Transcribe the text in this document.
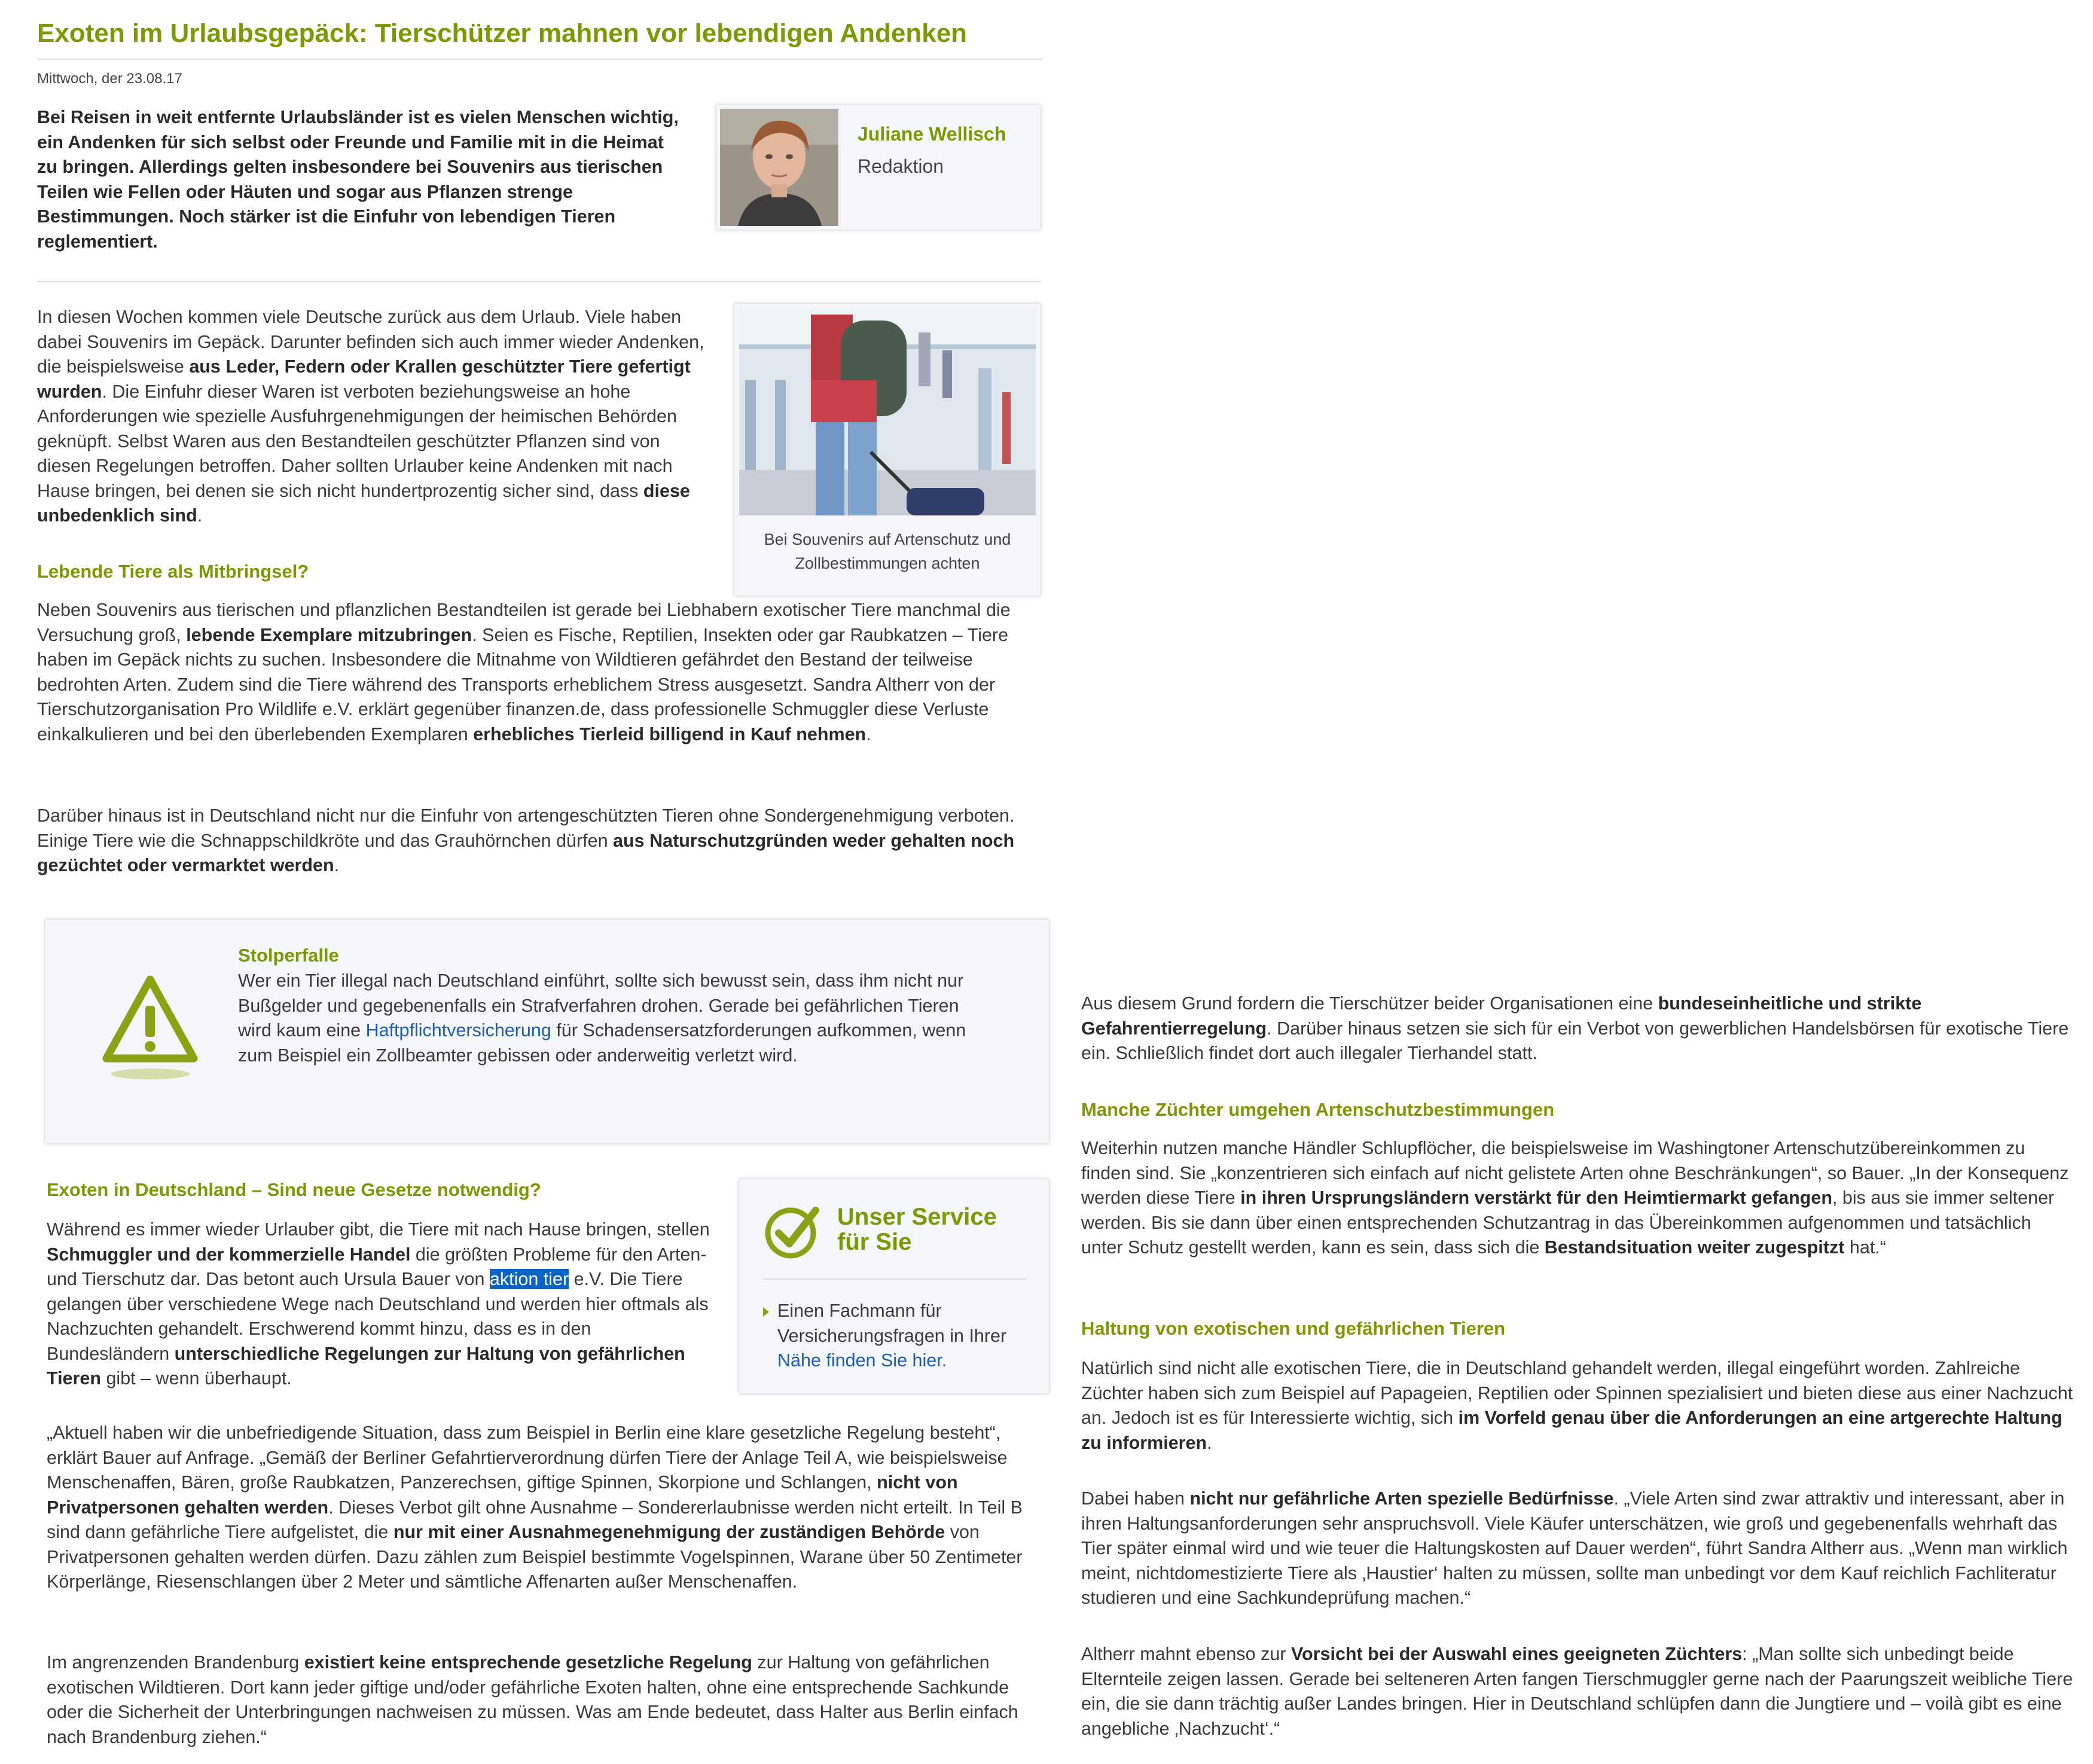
Exoten im Urlaubsgepäck: Tierschützer mahnen vor lebendigen Andenken
Mittwoch, der 23.08.17

Bei Reisen in weit entfernte Urlaubsländer ist es vielen Menschen wichtig, ein Andenken für sich selbst oder Freunde und Familie mit in die Heimat zu bringen. Allerdings gelten insbesondere bei Souvenirs aus tierischen Teilen wie Fellen oder Häuten und sogar aus Pflanzen strenge Bestimmungen. Noch stärker ist die Einfuhr von lebendigen Tieren reglementiert.

Juliane Wellisch
Redaktion

In diesen Wochen kommen viele Deutsche zurück aus dem Urlaub. Viele haben dabei Souvenirs im Gepäck. Darunter befinden sich auch immer wieder Andenken, die beispielsweise aus Leder, Federn oder Krallen geschützter Tiere gefertigt wurden. Die Einfuhr dieser Waren ist verboten beziehungsweise an hohe Anforderungen wie spezielle Ausfuhrgenehmigungen der heimischen Behörden geknüpft. Selbst Waren aus den Bestandteilen geschützter Pflanzen sind von diesen Regelungen betroffen. Daher sollten Urlauber keine Andenken mit nach Hause bringen, bei denen sie sich nicht hundertprozentig sicher sind, dass diese unbedenklich sind.

Bei Souvenirs auf Artenschutz und Zollbestimmungen achten
Lebende Tiere als Mitbringsel?

Neben Souvenirs aus tierischen und pflanzlichen Bestandteilen ist gerade bei Liebhabern exotischer Tiere manchmal die Versuchung groß, lebende Exemplare mitzubringen. Seien es Fische, Reptilien, Insekten oder gar Raubkatzen – Tiere haben im Gepäck nichts zu suchen. Insbesondere die Mitnahme von Wildtieren gefährdet den Bestand der teilweise bedrohten Arten. Zudem sind die Tiere während des Transports erheblichem Stress ausgesetzt. Sandra Altherr von der Tierschutzorganisation Pro Wildlife e.V. erklärt gegenüber finanzen.de, dass professionelle Schmuggler diese Verluste einkalkulieren und bei den überlebenden Exemplaren erhebliches Tierleid billigend in Kauf nehmen.

Darüber hinaus ist in Deutschland nicht nur die Einfuhr von artengeschützten Tieren ohne Sondergenehmigung verboten. Einige Tiere wie die Schnappschildkröte und das Grauhörnchen dürfen aus Naturschutzgründen weder gehalten noch gezüchtet oder vermarktet werden.

Stolperfalle

Wer ein Tier illegal nach Deutschland einführt, sollte sich bewusst sein, dass ihm nicht nur Bußgelder und gegebenenfalls ein Strafverfahren drohen. Gerade bei gefährlichen Tieren wird kaum eine Haftpflichtversicherung für Schadensersatzforderungen aufkommen, wenn zum Beispiel ein Zollbeamter gebissen oder anderweitig verletzt wird.

Exoten in Deutschland – Sind neue Gesetze notwendig?

Während es immer wieder Urlauber gibt, die Tiere mit nach Hause bringen, stellen Schmuggler und der kommerzielle Handel die größten Probleme für den Arten- und Tierschutz dar. Das betont auch Ursula Bauer von aktion tier e.V. Die Tiere gelangen über verschiedene Wege nach Deutschland und werden hier oftmals als Nachzuchten gehandelt. Erschwerend kommt hinzu, dass es in den Bundesländern unterschiedliche Regelungen zur Haltung von gefährlichen Tieren gibt – wenn überhaupt.

Unser Service
für Sie

Einen Fachmann für Versicherungsfragen in Ihrer Nähe finden Sie hier.

„Aktuell haben wir die unbefriedigende Situation, dass zum Beispiel in Berlin eine klare gesetzliche Regelung besteht“, erklärt Bauer auf Anfrage. „Gemäß der Berliner Gefahrtierverordnung dürfen Tiere der Anlage Teil A, wie beispielsweise Menschenaffen, Bären, große Raubkatzen, Panzerechsen, giftige Spinnen, Skorpione und Schlangen, nicht von Privatpersonen gehalten werden. Dieses Verbot gilt ohne Ausnahme – Sondererlaubnisse werden nicht erteilt. In Teil B sind dann gefährliche Tiere aufgelistet, die nur mit einer Ausnahmegenehmigung der zuständigen Behörde von Privatpersonen gehalten werden dürfen. Dazu zählen zum Beispiel bestimmte Vogelspinnen, Warane über 50 Zentimeter Körperlänge, Riesenschlangen über 2 Meter und sämtliche Affenarten außer Menschenaffen.

Im angrenzenden Brandenburg existiert keine entsprechende gesetzliche Regelung zur Haltung von gefährlichen exotischen Wildtieren. Dort kann jeder giftige und/oder gefährliche Exoten halten, ohne eine entsprechende Sachkunde oder die Sicherheit der Unterbringungen nachweisen zu müssen. Was am Ende bedeutet, dass Halter aus Berlin einfach nach Brandenburg ziehen.“

Aus diesem Grund fordern die Tierschützer beider Organisationen eine bundeseinheitliche und strikte Gefahrentierregelung. Darüber hinaus setzen sie sich für ein Verbot von gewerblichen Handelsbörsen für exotische Tiere ein. Schließlich findet dort auch illegaler Tierhandel statt.

Manche Züchter umgehen Artenschutzbestimmungen

Weiterhin nutzen manche Händler Schlupflöcher, die beispielsweise im Washingtoner Artenschutzübereinkommen zu finden sind. Sie „konzentrieren sich einfach auf nicht gelistete Arten ohne Beschränkungen“, so Bauer. „In der Konsequenz werden diese Tiere in ihren Ursprungsländern verstärkt für den Heimtiermarkt gefangen, bis aus sie immer seltener werden. Bis sie dann über einen entsprechenden Schutzantrag in das Übereinkommen aufgenommen und tatsächlich unter Schutz gestellt werden, kann es sein, dass sich die Bestandsituation weiter zugespitzt hat.“

Haltung von exotischen und gefährlichen Tieren

Natürlich sind nicht alle exotischen Tiere, die in Deutschland gehandelt werden, illegal eingeführt worden. Zahlreiche Züchter haben sich zum Beispiel auf Papageien, Reptilien oder Spinnen spezialisiert und bieten diese aus einer Nachzucht an. Jedoch ist es für Interessierte wichtig, sich im Vorfeld genau über die Anforderungen an eine artgerechte Haltung zu informieren.

Dabei haben nicht nur gefährliche Arten spezielle Bedürfnisse. „Viele Arten sind zwar attraktiv und interessant, aber in ihren Haltungsanforderungen sehr anspruchsvoll. Viele Käufer unterschätzen, wie groß und gegebenenfalls wehrhaft das Tier später einmal wird und wie teuer die Haltungskosten auf Dauer werden“, führt Sandra Altherr aus. „Wenn man wirklich meint, nichtdomestizierte Tiere als ‚Haustier‘ halten zu müssen, sollte man unbedingt vor dem Kauf reichlich Fachliteratur studieren und eine Sachkundeprüfung machen.“

Altherr mahnt ebenso zur Vorsicht bei der Auswahl eines geeigneten Züchters: „Man sollte sich unbedingt beide Elternteile zeigen lassen. Gerade bei selteneren Arten fangen Tierschmuggler gerne nach der Paarungszeit weibliche Tiere ein, die sie dann trächtig außer Landes bringen. Hier in Deutschland schlüpfen dann die Jungtiere und – voilà gibt es eine angebliche ‚Nachzucht‘.“
